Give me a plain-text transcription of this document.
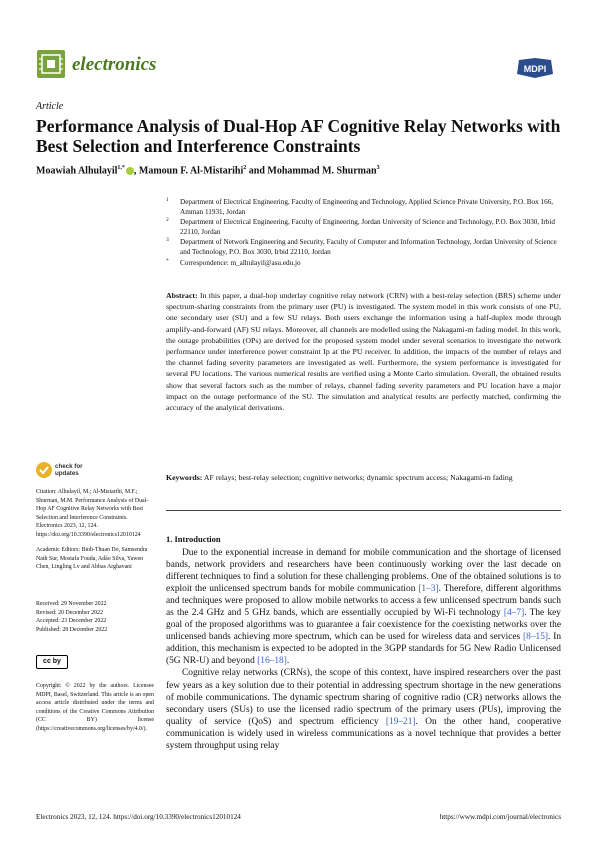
electronics	MDPI
Article
Performance Analysis of Dual-Hop AF Cognitive Relay Networks with Best Selection and Interference Constraints
Moawiah Alhulayil$^{1,*}$ , Mamoun F. Al-Mistarihi$^2$ and Mohammad M. Shurman$^3$
1 Department of Electrical Engineering, Faculty of Engineering and Technology, Applied Science Private University, P.O. Box 166, Amman 11931, Jordan
2 Department of Electrical Engineering, Faculty of Engineering, Jordan University of Science and Technology, P.O. Box 3030, Irbid 22110, Jordan
3 Department of Network Engineering and Security, Faculty of Computer and Information Technology, Jordan University of Science and Technology, P.O. Box 3030, Irbid 22110, Jordan
* Correspondence: m_alhulayil@asu.edu.jo
Abstract: In this paper, a dual-hop underlay cognitive relay network (CRN) with a best-relay selection (BRS) scheme under spectrum-sharing constraints from the primary user (PU) is investigated. The system model in this work consists of one PU, one secondary user (SU) and a few SU relays. Both users exchange the information using a half-duplex mode through amplify-and-forward (AF) SU relays. Moreover, all channels are modelled using the Nakagami-m fading model. In this work, the outage probabilities (OPs) are derived for the proposed system model under several scenarios to investigate the network performance under interference power constraint Ip at the PU receiver. In addition, the impacts of the number of relays and the channel fading severity parameters are investigated as well. Furthermore, the system performance is investigated for several PU locations. The various numerical results are verified using a Monte Carlo simulation. Overall, the obtained results show that several factors such as the number of relays, channel fading severity parameters and PU location have a major impact on the outage performance of the SU. The simulation and analytical results are perfectly matched, confirming the accuracy of the analytical derivations.
Keywords: AF relays; best-relay selection; cognitive networks; dynamic spectrum access; Nakagami-m fading
1. Introduction

Due to the exponential increase in demand for mobile communication and the shortage of licensed bands, network providers and researchers have been continuously working over the last decade on different techniques to find a solution for these challenging problems. One of the obtained solutions is to exploit the unlicensed spectrum bands for mobile communication [1–3]. Therefore, different algorithms and techniques were proposed to allow mobile networks to access a few unlicensed spectrum bands such as the 2.4 GHz and 5 GHz bands, which are essentially occupied by Wi-Fi technology [4–7]. The key goal of the proposed algorithms was to guarantee a fair coexistence for the coexisting networks over the unlicensed bands achieving more spectrum, which can be used for wireless data and services [8–15]. In addition, this mechanism is expected to be adopted in the 3GPP standards for 5G New Radio Unlicensed (5G NR-U) and beyond [16–18].

Cognitive relay networks (CRNs), the scope of this context, have inspired researchers over the past few years as a key solution due to their potential in addressing spectrum shortage in the new generations of mobile communications. The dynamic spectrum sharing of cognitive radio (CR) networks allows the secondary users (SUs) to use the licensed radio spectrum of the primary users (PUs), improving the quality of service (QoS) and spectrum efficiency [19–21]. On the other hand, cooperative communication is widely used in wireless communications as a novel technique that provides a better system throughput using relay

check for
updates
Citation: Alhulayil, M.; Al-Mistarihi, M.F.; Shurman, M.M. Performance Analysis of Dual-Hop AF Cognitive Relay Networks with Best Selection and Interference Constraints. Electronics 2023, 12, 124. https://doi.org/10.3390/electronics12010124
Academic Editors: Binh-Thuan Do, Samsendra Nath Sur, Mostafa Fouda, Adão Silva, Yawen Chen, Lingling Lv and Abbas Arghavani
Received: 29 November 2022
Revised: 20 December 2022
Accepted: 23 December 2022
Published: 28 December 2022
cc by
Copyright: © 2022 by the authors. Licensee MDPI, Basel, Switzerland. This article is an open access article distributed under the terms and conditions of the Creative Commons Attribution (CC BY) license (https://creativecommons.org/licenses/by/4.0/).
Electronics 2023, 12, 124. https://doi.org/10.3390/electronics12010124	https://www.mdpi.com/journal/electronics
